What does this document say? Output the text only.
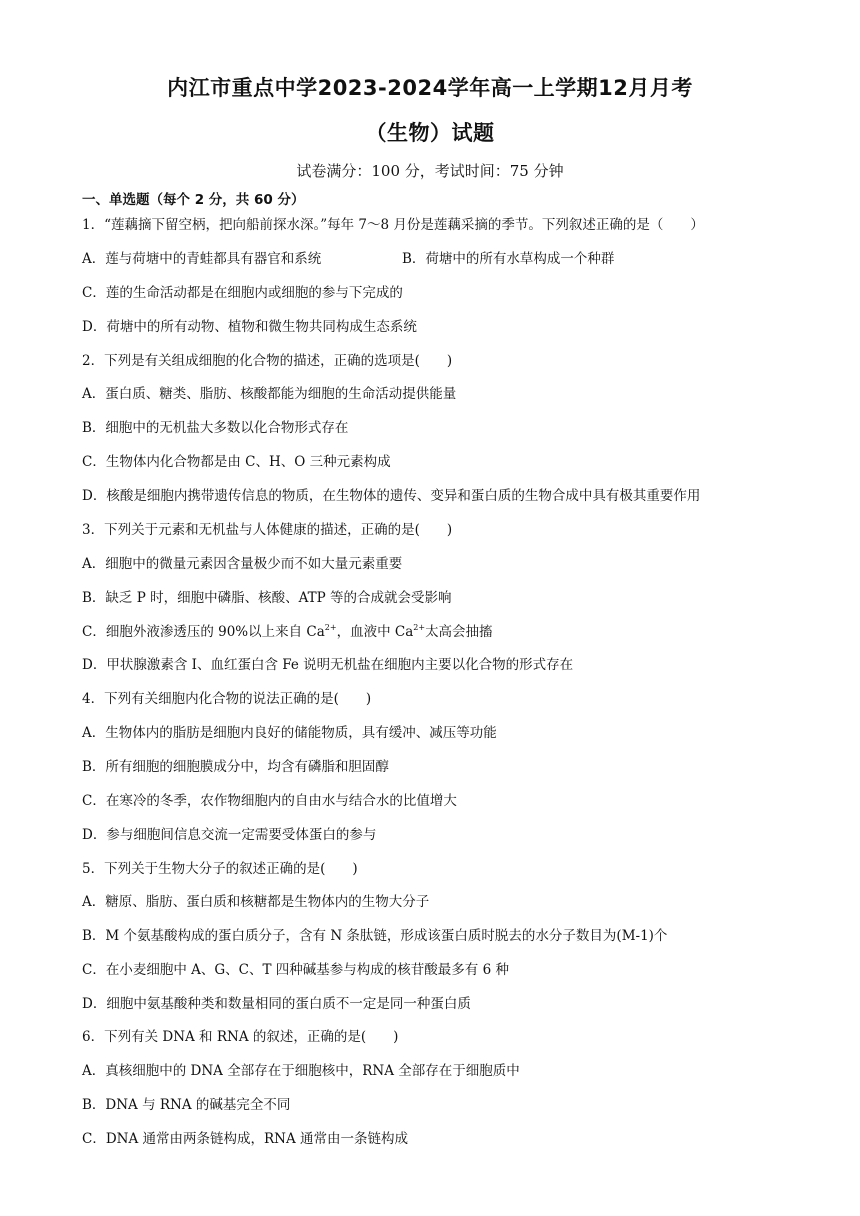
内江市重点中学2023-2024学年高一上学期12月月考
（生物）试题
试卷满分：100 分，考试时间：75 分钟
一、单选题（每个 2 分，共 60 分）
1．“莲藕摘下留空柄，把向船前探水深。”每年 7～8 月份是莲藕采摘的季节。下列叙述正确的是（　　）
A．莲与荷塘中的青蛙都具有器官和系统	B．荷塘中的所有水草构成一个种群
C．莲的生命活动都是在细胞内或细胞的参与下完成的
D．荷塘中的所有动物、植物和微生物共同构成生态系统
2．下列是有关组成细胞的化合物的描述，正确的选项是(　　)
A．蛋白质、糖类、脂肪、核酸都能为细胞的生命活动提供能量
B．细胞中的无机盐大多数以化合物形式存在
C．生物体内化合物都是由 C、H、O 三种元素构成
D．核酸是细胞内携带遗传信息的物质，在生物体的遗传、变异和蛋白质的生物合成中具有极其重要作用
3．下列关于元素和无机盐与人体健康的描述，正确的是(　　)
A．细胞中的微量元素因含量极少而不如大量元素重要
B．缺乏 P 时，细胞中磷脂、核酸、ATP 等的合成就会受影响
C．细胞外液渗透压的 90%以上来自 $Ca^{2+}$，血液中 $Ca^{2+}$太高会抽搐
D．甲状腺激素含 I、血红蛋白含 Fe 说明无机盐在细胞内主要以化合物的形式存在
4．下列有关细胞内化合物的说法正确的是(　　)
A．生物体内的脂肪是细胞内良好的储能物质，具有缓冲、减压等功能
B．所有细胞的细胞膜成分中，均含有磷脂和胆固醇
C．在寒冷的冬季，农作物细胞内的自由水与结合水的比值增大
D．参与细胞间信息交流一定需要受体蛋白的参与
5．下列关于生物大分子的叙述正确的是(　　)
A．糖原、脂肪、蛋白质和核糖都是生物体内的生物大分子
B．M 个氨基酸构成的蛋白质分子，含有 N 条肽链，形成该蛋白质时脱去的水分子数目为(M-1)个
C．在小麦细胞中 A、G、C、T 四种碱基参与构成的核苷酸最多有 6 种
D．细胞中氨基酸种类和数量相同的蛋白质不一定是同一种蛋白质
6．下列有关 DNA 和 RNA 的叙述，正确的是(　　)
A．真核细胞中的 DNA 全部存在于细胞核中，RNA 全部存在于细胞质中
B．DNA 与 RNA 的碱基完全不同
C．DNA 通常由两条链构成，RNA 通常由一条链构成
